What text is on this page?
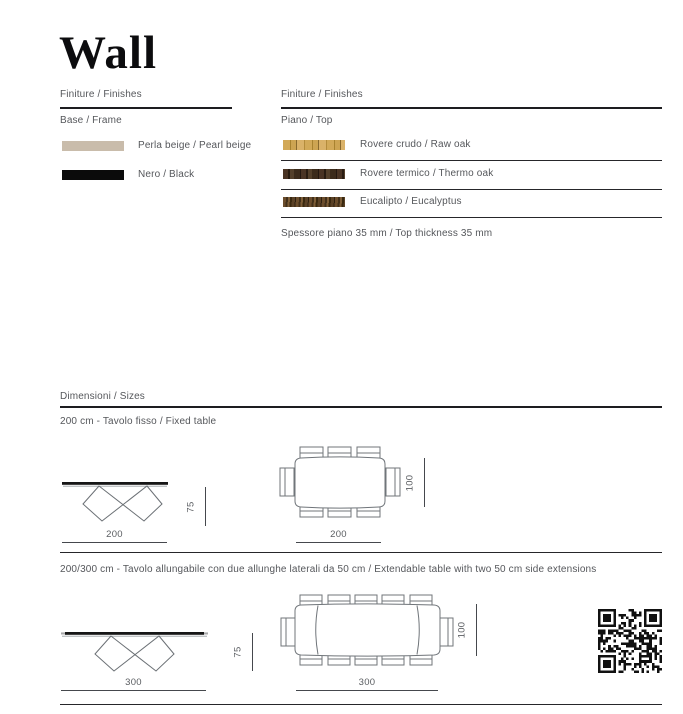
Wall
Finiture / Finishes
Base / Frame
Perla beige / Pearl beige
Nero / Black
Finiture / Finishes
Piano / Top
Rovere crudo / Raw oak
Rovere termico / Thermo oak
Eucalipto / Eucalyptus
Spessore piano 35 mm / Top thickness 35 mm
Dimensioni / Sizes
200 cm - Tavolo fisso / Fixed table
200
75
100
200
200/300 cm - Tavolo allungabile con due allunghe laterali da 50 cm / Extendable table with two 50 cm side extensions
300
75
100
300
